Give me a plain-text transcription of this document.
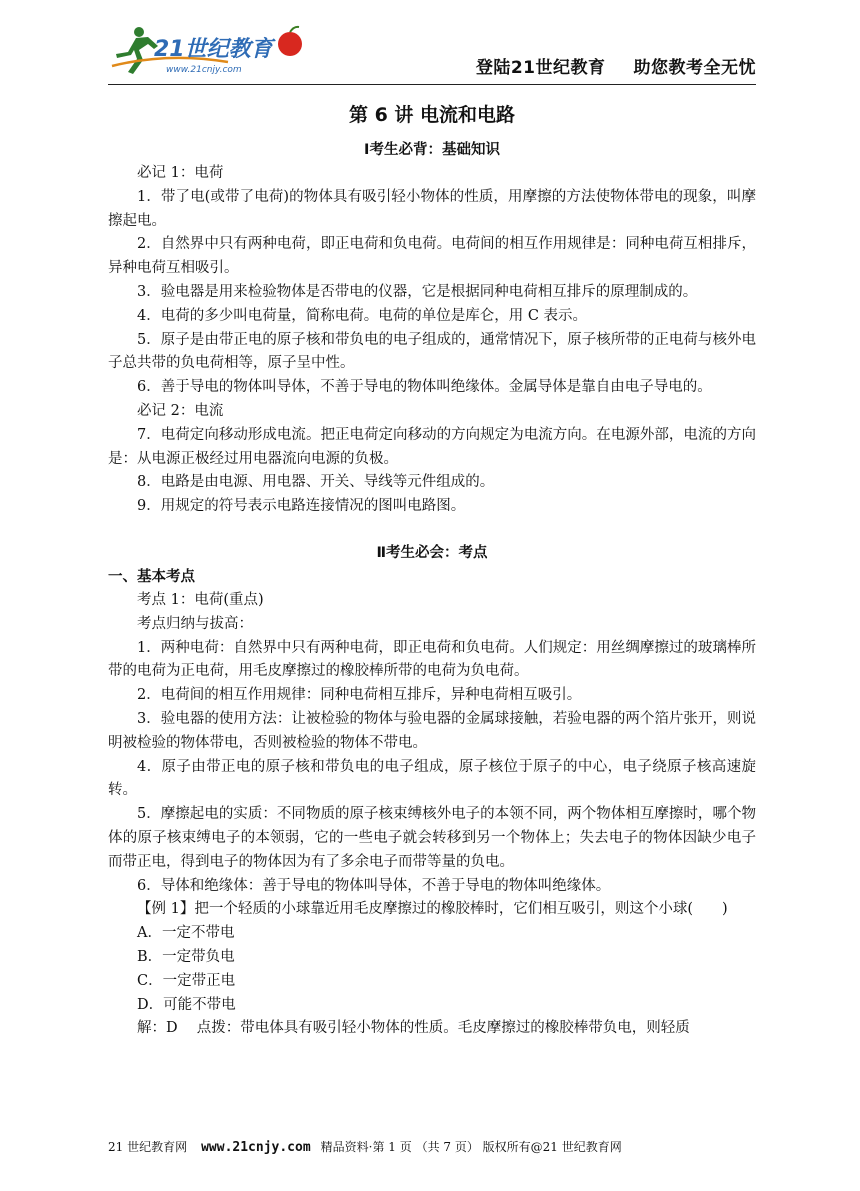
21世纪教育
www.21cnjy.com	登陆21世纪教育 助您教考全无忧
第 6 讲 电流和电路
Ⅰ考生必背：基础知识

必记 1：电荷

1．带了电(或带了电荷)的物体具有吸引轻小物体的性质，用摩擦的方法使物体带电的现象，叫摩擦起电。

2．自然界中只有两种电荷，即正电荷和负电荷。电荷间的相互作用规律是：同种电荷互相排斥，异种电荷互相吸引。

3．验电器是用来检验物体是否带电的仪器，它是根据同种电荷相互排斥的原理制成的。

4．电荷的多少叫电荷量，简称电荷。电荷的单位是库仑，用 C 表示。

5．原子是由带正电的原子核和带负电的电子组成的，通常情况下，原子核所带的正电荷与核外电子总共带的负电荷相等，原子呈中性。

6．善于导电的物体叫导体，不善于导电的物体叫绝缘体。金属导体是靠自由电子导电的。

必记 2：电流

7．电荷定向移动形成电流。把正电荷定向移动的方向规定为电流方向。在电源外部，电流的方向是：从电源正极经过用电器流向电源的负极。

8．电路是由电源、用电器、开关、导线等元件组成的。

9．用规定的符号表示电路连接情况的图叫电路图。

Ⅱ考生必会：考点
一、基本考点

考点 1：电荷(重点)

考点归纳与拔高：

1．两种电荷：自然界中只有两种电荷，即正电荷和负电荷。人们规定：用丝绸摩擦过的玻璃棒所带的电荷为正电荷，用毛皮摩擦过的橡胶棒所带的电荷为负电荷。

2．电荷间的相互作用规律：同种电荷相互排斥，异种电荷相互吸引。

3．验电器的使用方法：让被检验的物体与验电器的金属球接触，若验电器的两个箔片张开，则说明被检验的物体带电，否则被检验的物体不带电。

4．原子由带正电的原子核和带负电的电子组成，原子核位于原子的中心，电子绕原子核高速旋转。

5．摩擦起电的实质：不同物质的原子核束缚核外电子的本领不同，两个物体相互摩擦时，哪个物体的原子核束缚电子的本领弱，它的一些电子就会转移到另一个物体上；失去电子的物体因缺少电子而带正电，得到电子的物体因为有了多余电子而带等量的负电。

6．导体和绝缘体：善于导电的物体叫导体，不善于导电的物体叫绝缘体。

【例 1】把一个轻质的小球靠近用毛皮摩擦过的橡胶棒时，它们相互吸引，则这个小球(　　)

A．一定不带电
B．一定带负电
C．一定带正电
D．可能不带电

解：D　 点拨：带电体具有吸引轻小物体的性质。毛皮摩擦过的橡胶棒带负电，则轻质

21 世纪教育网 www.21cnjy.com 精品资料·第 1 页 （共 7 页） 版权所有@21 世纪教育网
